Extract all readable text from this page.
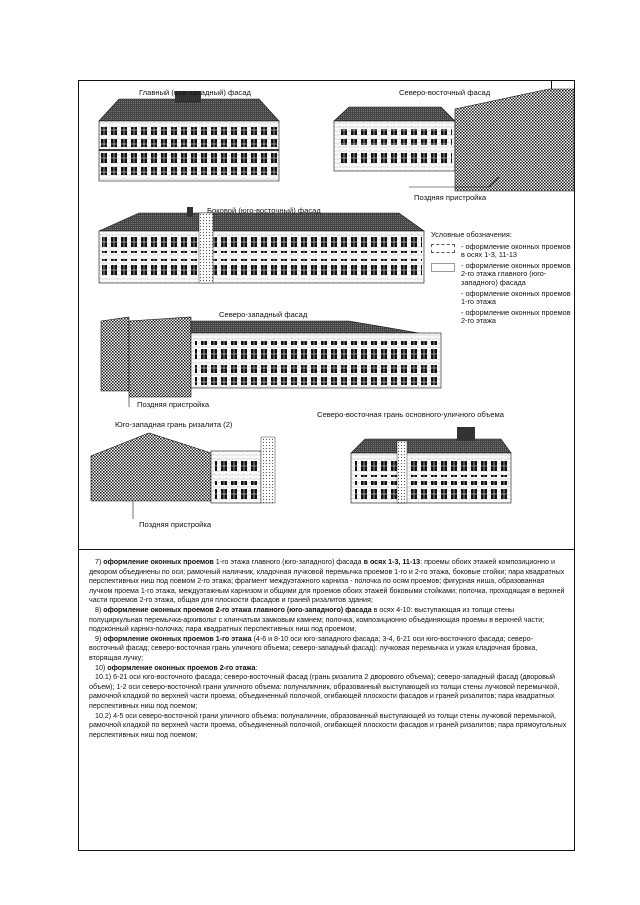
Главный (юго-западный) фасад	Северо-восточный фасад
Поздняя пристройка
Боковой (юго-восточный) фасад
Северо-западный фасад
Поздняя пристройка
Юго-западная грань ризалита (2)
Северо-восточная грань основного-уличного объема
Поздняя пристройка
Условные обозначения:
- оформление оконных проемов в осях 1-3, 11-13
- оформление оконных проемов 2-го этажа главного (юго-западного) фасада
- оформление оконных проемов 1-го этажа
- оформление оконных проемов 2-го этажа

7) оформление оконных проемов 1-го этажа главного (юго-западного) фасада в осях 1-3, 11-13: проемы обоих этажей композиционно и декором объединены по оси; рамочный наличник, кладочная лучковой перемычка проемов 1-го и 2-го этажа, боковые стойки; пара квадратных перспективных ниш под повмом 2-го этажа; фрагмент междуэтажного карниза - полочка по осям проемов; фигурная ниша, образованная лучком проема 1-го этажа, междуэтажным карнизом и общими для проемов обоих этажей боковыми стойками; полочка, проходящая в верхней части проемов 2-го этажа, общая для плоскости фасадов и граней ризалитов здания;

8) оформление оконных проемов 2-го этажа главного (юго-западного) фасада в осях 4-10: выступающая из толщи стены полуциркульная перемычка-архивольт с клинчатым замковым камнем; полочка, композиционно объединяющая проемы в верхней части; подоконный карниз-полочка; пара квадратных перспективных ниш под проемом;

9) оформление оконных проемов 1-го этажа (4-6 и 8-10 оси юго-западного фасада; 3-4, 6-21 оси юго-восточного фасада; северо-восточный фасад; северо-восточная грань уличного объема; северо-западный фасад): лучковая перемычка и узкая кладочная бровка, вторящая лучку;

10) оформление оконных проемов 2-го этажа:

10.1) 6-21 оси юго-восточного фасада; северо-восточный фасад (грань ризалита 2 дворового объема); северо-западный фасад (дворовый объем); 1-2 оси северо-восточной грани уличного объема: полуналичник, образованный выступающей из толщи стены лучковой перемычкой, рамочной кладкой по верхней части проема, объединенный полочкой, огибающей плоскости фасадов и граней ризалитов; пара квадратных перспективных ниш под поемом;

10.2) 4-5 оси северо-восточной грани уличного объема: полуналичник, образованный выступающей из толщи стены лучковой перемычкой, рамочной кладкой по верхней части проема, объединенный полочкой, огибающей плоскости фасадов и граней ризалитов; пара прямоугольных перспективных ниш под поемом;
